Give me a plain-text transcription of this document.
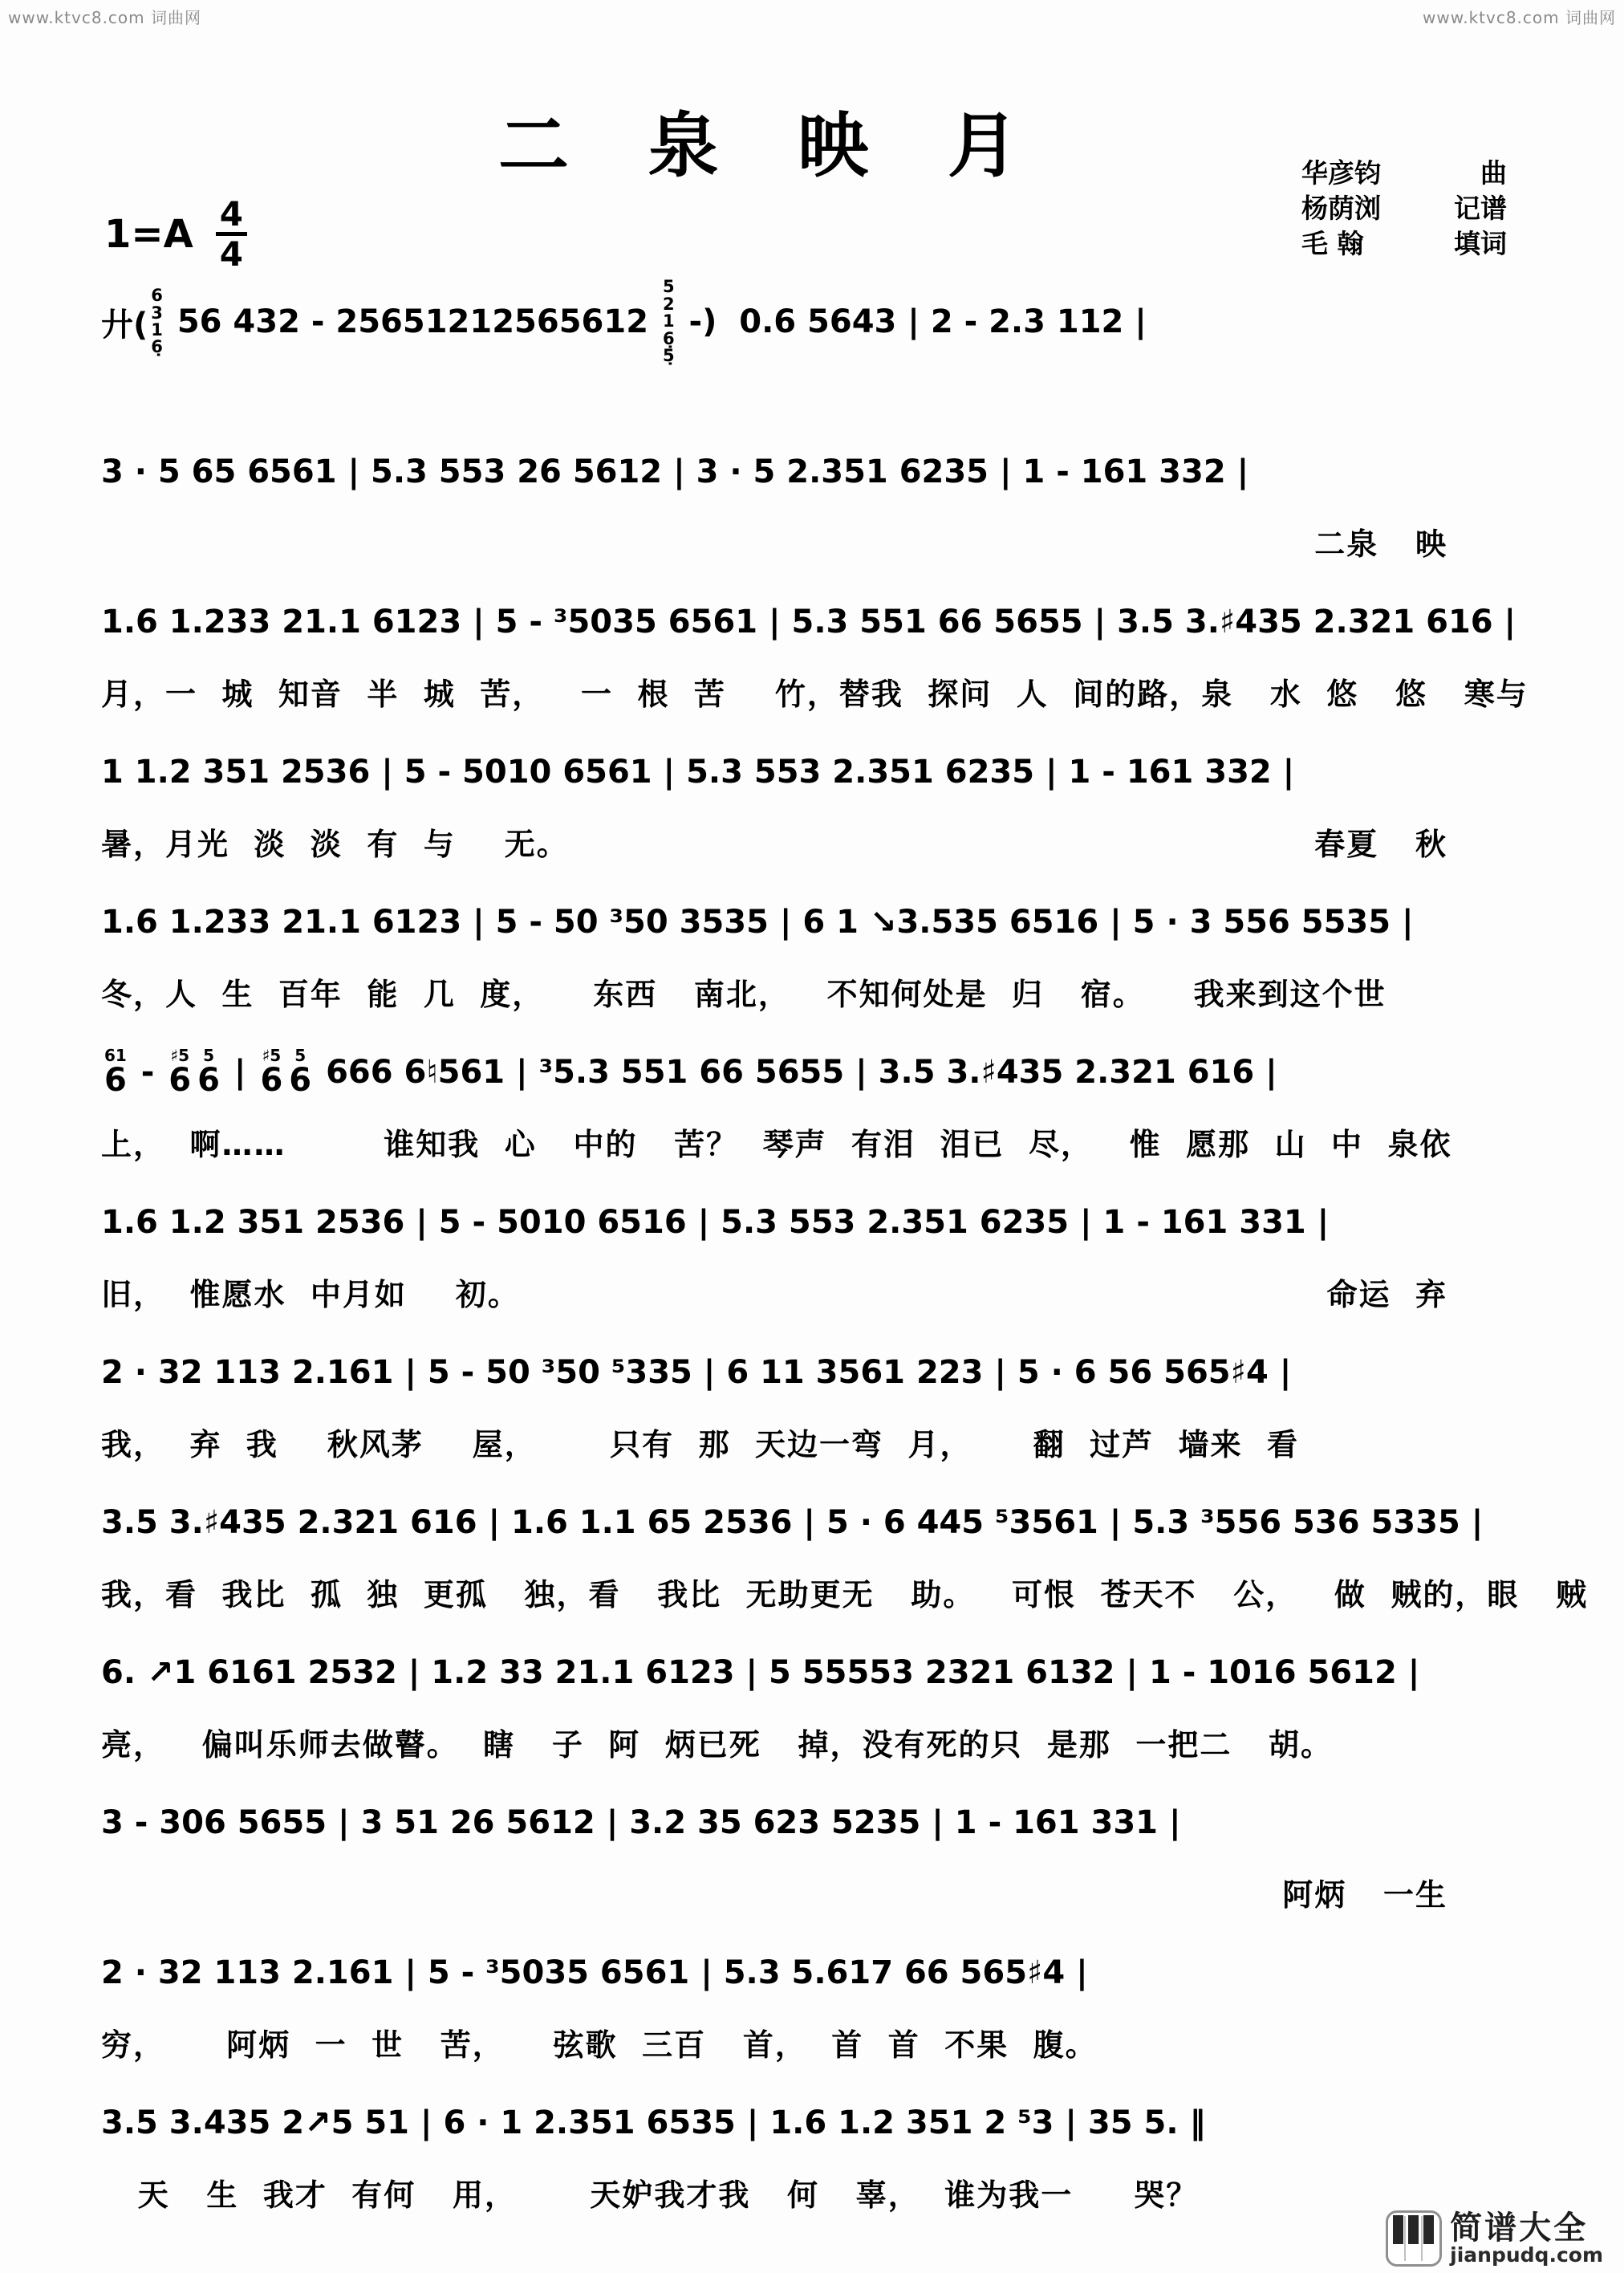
www.ktvc8.com 词曲网	www.ktvc8.com 词曲网
二 泉 映 月	华彦钧	曲
杨荫浏	记谱
毛 翰	填词
$1=A \frac{4}{4}$
廾(
6
3
1
6̣
56 432 - 25651212565612
5
2
1
6̣
5̣
-)  0.6 5643 | 2 - 2.3 112 |
3 · 5 65 6561 | 5.3 553 26 5612 | 3 · 5 2.351 6235 | 1 - 161 332 |
二泉   映
1.6 1.233 21.1 6123 | 5 - ³5035 6561 | 5.3 551 66 5655 | 3.5 3.♯435 2.321 616 |
月，一  城  知音  半  城  苦，   一  根  苦    竹，替我  探问  人  间的路，泉   水  悠   悠   寒与
1 1.2 351 2536 | 5 - 5010 6561 | 5.3 553 2.351 6235 | 1 - 161 332 |
暑，月光  淡  淡  有  与    无。	春夏   秋
1.6 1.233 21.1 6123 | 5 - 50 ³50 3535 | 6 1 ↘3.535 6516 | 5 · 3 556 5535 |
冬，人  生  百年  能  几  度，    东西   南北，   不知何处是  归   宿。    我来到这个世
61
6 - ♯5
6
5
6 | ♯5
6
5
6 666 6♮561 | ³5.3 551 66 5655 | 3.5 3.♯435 2.321 616 |
上，  啊……        谁知我  心   中的   苦？  琴声  有泪  泪已  尽，   惟  愿那  山  中  泉依
1.6 1.2 351 2536 | 5 - 5010 6516 | 5.3 553 2.351 6235 | 1 - 161 331 |
旧，  惟愿水  中月如    初。	命运  弃
2 · 32 113 2.161 | 5 - 50 ³50 ⁵335 | 6 11 3561 223 | 5 · 6 56 565♯4 |
我，  弃  我    秋风茅    屋，      只有  那  天边一弯  月，     翻  过芦  墙来  看
3.5 3.♯435 2.321 616 | 1.6 1.1 65 2536 | 5 · 6 445 ⁵3561 | 5.3 ³556 536 5335 |
我，看  我比  孤  独  更孤   独，看   我比  无助更无   助。   可恨  苍天不   公，   做  贼的，眼   贼
6. ↗1 6161 2532 | 1.2 33 21.1 6123 | 5 55553 2321 6132 | 1 - 1016 5612 |
亮，   偏叫乐师去做瞽。  瞎   子  阿  炳已死   掉，没有死的只  是那  一把二   胡。
3 - 306 5655 | 3 51 26 5612 | 3.2 35 623 5235 | 1 - 161 331 |
阿炳   一生
2 · 32 113 2.161 | 5 - ³5035 6561 | 5.3 5.617 66 565♯4 |
穷，     阿炳  一  世   苦，    弦歌  三百   首，  首  首  不果  腹。
3.5 3.435 2↗5 51 | 6 · 1 2.351 6535 | 1.6 1.2 351 2 ⁵3 | 35 5. ‖
天   生  我才  有何   用，      天妒我才我   何   辜，  谁为我一     哭？
简谱大全
jianpudq.com
